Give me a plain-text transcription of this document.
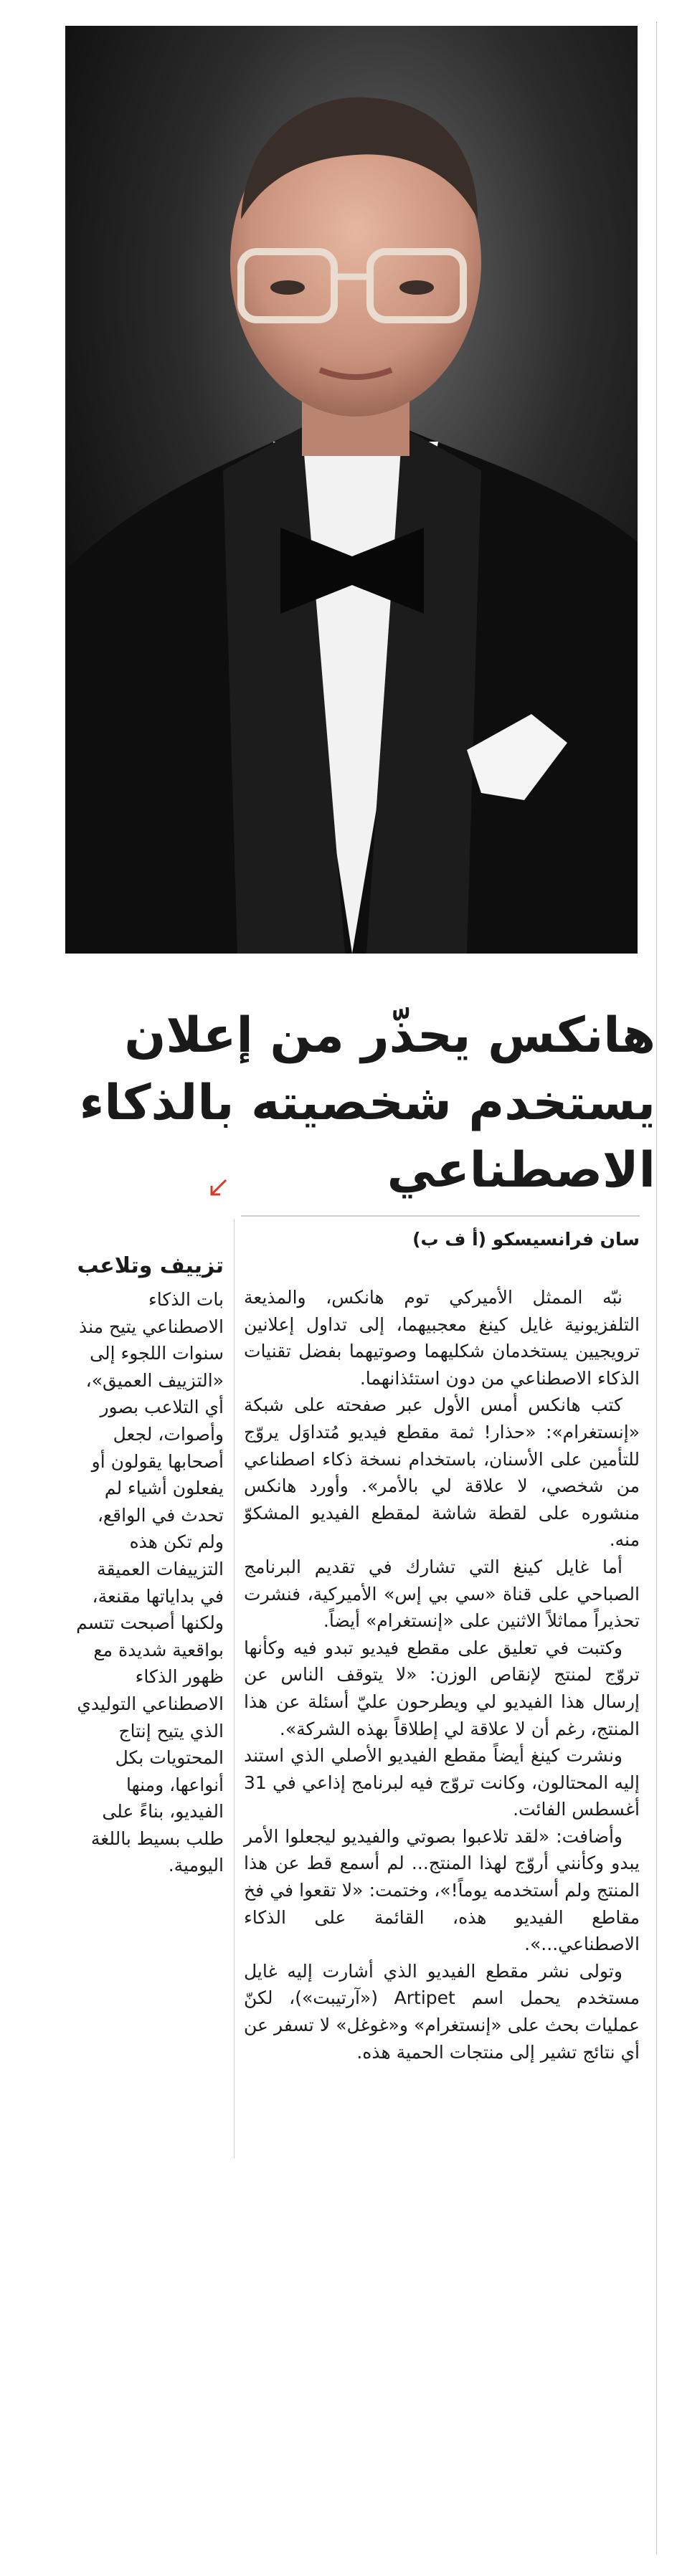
هانكس يحذّر من إعلان
يستخدم شخصيته بالذكاء
الاصطناعي
سان فرانسيسكو (أ ف ب)

نبّه الممثل الأميركي توم هانكس، والمذيعة التلفزيونية غايل كينغ معجبيهما، إلى تداول إعلانين ترويجيين يستخدمان شكليهما وصوتيهما بفضل تقنيات الذكاء الاصطناعي من دون استئذانهما.

كتب هانكس أمس الأول عبر صفحته على شبكة «إنستغرام»: «حذار! ثمة مقطع فيديو مُتداوَل يروّج للتأمين على الأسنان، باستخدام نسخة ذكاء اصطناعي من شخصي، لا علاقة لي بالأمر». وأورد هانكس منشوره على لقطة شاشة لمقطع الفيديو المشكوّ منه.

أما غايل كينغ التي تشارك في تقديم البرنامج الصباحي على قناة «سي بي إس» الأميركية، فنشرت تحذيراً مماثلاً الاثنين على «إنستغرام» أيضاً.

وكتبت في تعليق على مقطع فيديو تبدو فيه وكأنها تروّج لمنتج لإنقاص الوزن: «لا يتوقف الناس عن إرسال هذا الفيديو لي ويطرحون عليّ أسئلة عن هذا المنتج، رغم أن لا علاقة لي إطلاقاً بهذه الشركة».

ونشرت كينغ أيضاً مقطع الفيديو الأصلي الذي استند إليه المحتالون، وكانت تروّج فيه لبرنامج إذاعي في 31 أغسطس الفائت.

وأضافت: «لقد تلاعبوا بصوتي والفيديو ليجعلوا الأمر يبدو وكأنني أروّج لهذا المنتج... لم أسمع قط عن هذا المنتج ولم أستخدمه يوماً!»، وختمت: «لا تقعوا في فخ مقاطع الفيديو هذه، القائمة على الذكاء الاصطناعي...».

وتولى نشر مقطع الفيديو الذي أشارت إليه غايل مستخدم يحمل اسم Artipet («آرتيبت»)، لكنّ عمليات بحث على «إنستغرام» و«غوغل» لا تسفر عن أي نتائج تشير إلى منتجات الحمية هذه.

تزييف وتلاعب

بات الذكاء الاصطناعي يتيح منذ سنوات اللجوء إلى «التزييف العميق»، أي التلاعب بصور وأصوات، لجعل أصحابها يقولون أو يفعلون أشياء لم تحدث في الواقع، ولم تكن هذه التزييفات العميقة في بداياتها مقنعة، ولكنها أصبحت تتسم بواقعية شديدة مع ظهور الذكاء الاصطناعي التوليدي الذي يتيح إنتاج المحتويات بكل أنواعها، ومنها الفيديو، بناءً على طلب بسيط باللغة اليومية.
